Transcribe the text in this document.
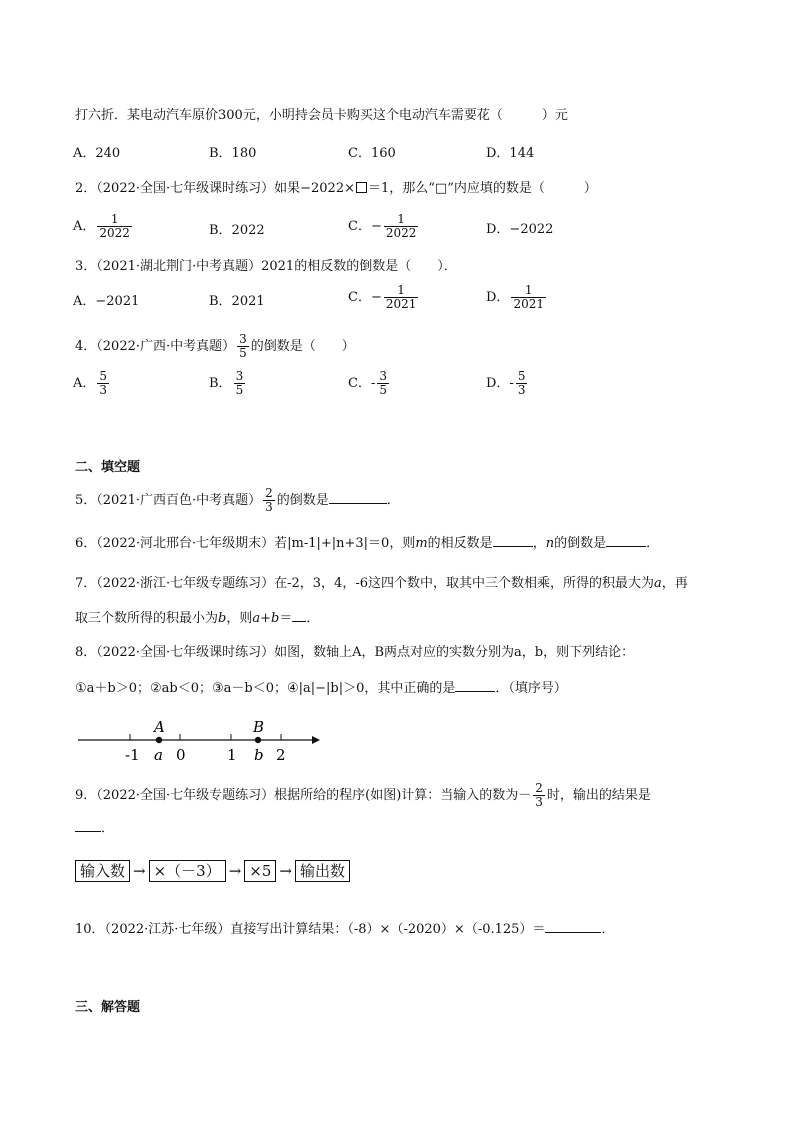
打六折．某电动汽车原价300元，小明持会员卡购买这个电动汽车需要花（　　　）元
A．240	B．180	C．160	D．144
2．（2022·全国·七年级课时练习）如果−2022× ＝1，那么“□”内应填的数是（　　　）
A． $\frac{1}{2022}$	B．2022	C．− $\frac{1}{2022}$	D．−2022
3．（2021·湖北荆门·中考真题）2021的相反数的倒数是（　　）．
A．−2021	B．2021	C．− $\frac{1}{2021}$	D． $\frac{1}{2021}$
4．（2022·广西·中考真题） $\frac{3}{5}$ 的倒数是（　　）
A． $\frac{5}{3}$	B． $\frac{3}{5}$	C．- $\frac{3}{5}$	D．- $\frac{5}{3}$
二、填空题
5．（2021·广西百色·中考真题） $\frac{2}{3}$ 的倒数是	．
6．（2022·河北邢台·七年级期末）若|m-1|+|n+3|＝0，则m的相反数是	，n的倒数是	．
7．（2022·浙江·七年级专题练习）在-2，3，4，-6这四个数中，取其中三个数相乘，所得的积最大为a，再
取三个数所得的积最小为b，则a+b＝ ．
8．（2022·全国·七年级课时练习）如图，数轴上A，B两点对应的实数分别为a，b，则下列结论：
①a＋b＞0；②ab＜0；③a－b＜0；④|a|−|b|＞0，其中正确的是	．（填序号）
-1 0	1	2
A
a
B
b
9．（2022·全国·七年级专题练习）根据所给的程序(如图)计算：当输入的数为－ $\frac{2}{3}$ 时，输出的结果是
．
输入数 → ×（－3） → ×5 → 输出数
10．（2022·江苏·七年级）直接写出计算结果：（-8）×（-2020）×（-0.125）＝	．
三、解答题
